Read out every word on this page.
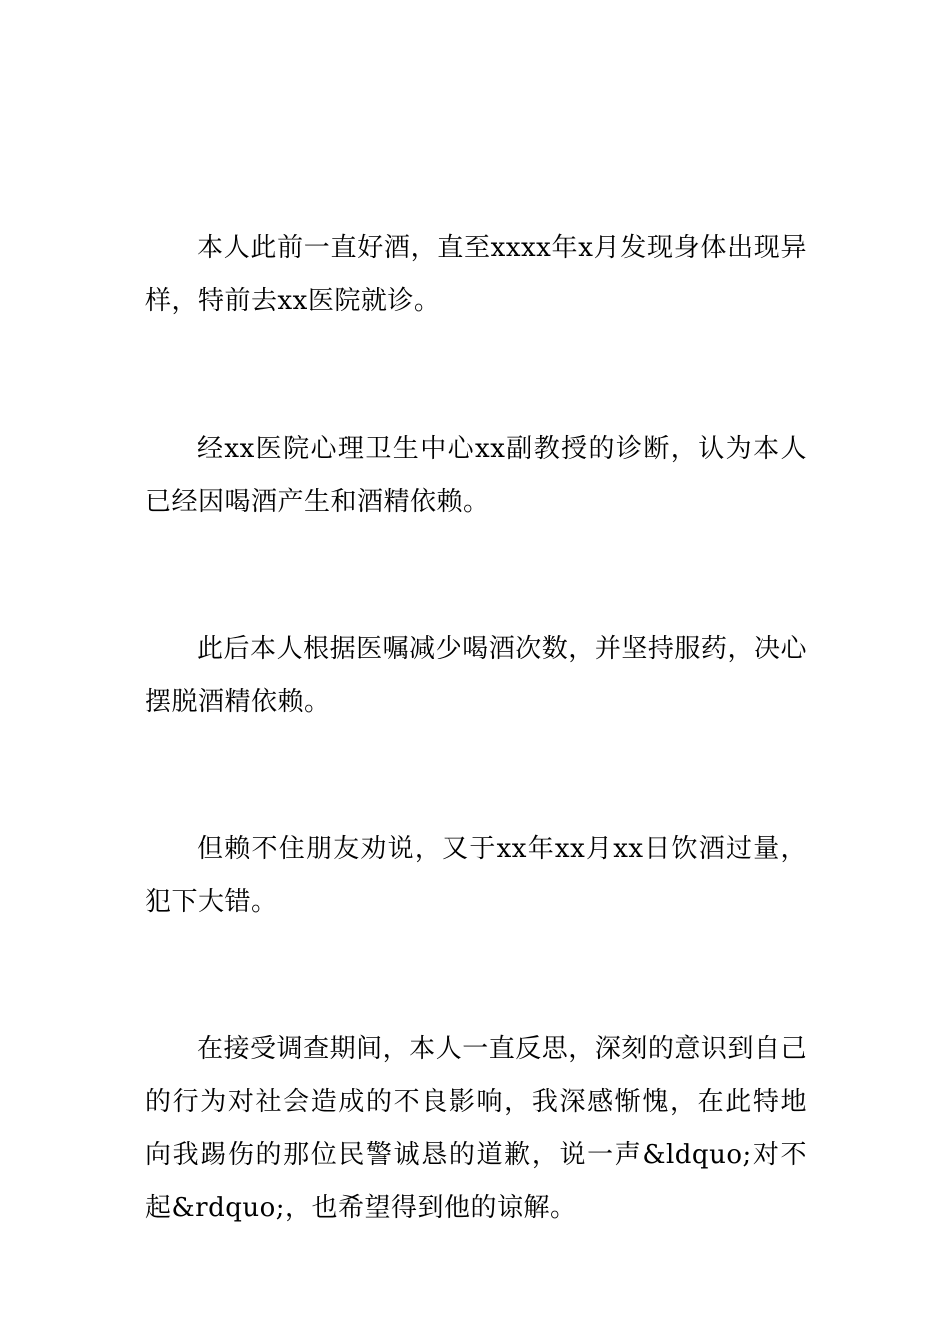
本人此前一直好酒，直至xxxx年x月发现身体出现异样，特前去xx医院就诊。

经xx医院心理卫生中心xx副教授的诊断，认为本人已经因喝酒产生和酒精依赖。

此后本人根据医嘱减少喝酒次数，并坚持服药，决心摆脱酒精依赖。

但赖不住朋友劝说，又于xx年xx月xx日饮酒过量，犯下大错。

在接受调查期间，本人一直反思，深刻的意识到自己的行为对社会造成的不良影响，我深感惭愧，在此特地向我踢伤的那位民警诚恳的道歉，说一声&ldquo;对不起&rdquo;，也希望得到他的谅解。
